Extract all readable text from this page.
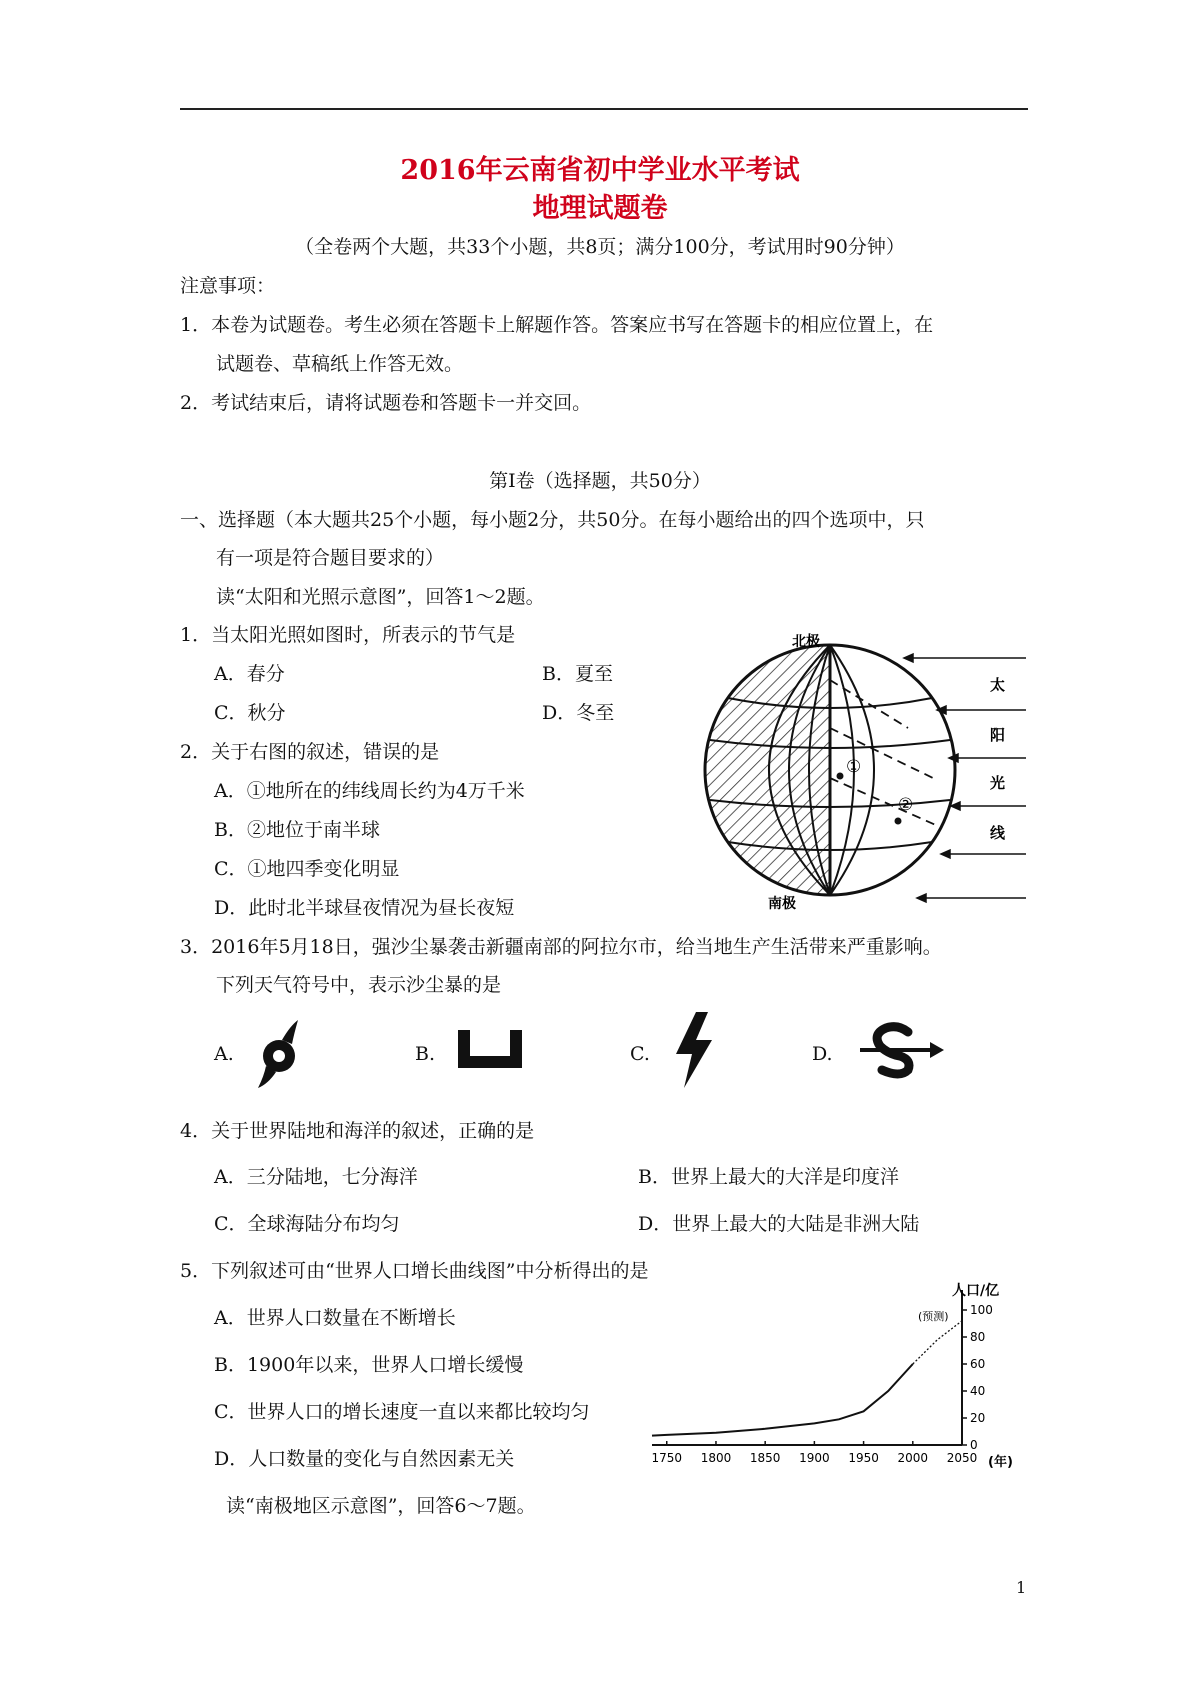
2016年云南省初中学业水平考试
地理试题卷
（全卷两个大题，共33个小题，共8页；满分100分，考试用时90分钟）
注意事项：
1．本卷为试题卷。考生必须在答题卡上解题作答。答案应书写在答题卡的相应位置上，在
试题卷、草稿纸上作答无效。
2．考试结束后，请将试题卷和答题卡一并交回。
第Ⅰ卷（选择题，共50分）
一、选择题（本大题共25个小题，每小题2分，共50分。在每小题给出的四个选项中，只
有一项是符合题目要求的）
读“太阳和光照示意图”，回答1～2题。
1．当太阳光照如图时，所表示的节气是
A．春分	B．夏至
C．秋分	D．冬至
2．关于右图的叙述，错误的是
A．①地所在的纬线周长约为4万千米
B．②地位于南半球
C．①地四季变化明显
D．此时北半球昼夜情况为昼长夜短
①
②
北极
南极
太
阳
光
线
3．2016年5月18日，强沙尘暴袭击新疆南部的阿拉尔市，给当地生产生活带来严重影响。
下列天气符号中，表示沙尘暴的是
A.	B.	C.	D.
4．关于世界陆地和海洋的叙述，正确的是
A．三分陆地，七分海洋	B．世界上最大的大洋是印度洋
C．全球海陆分布均匀	D．世界上最大的大陆是非洲大陆
5．下列叙述可由“世界人口增长曲线图”中分析得出的是
A．世界人口数量在不断增长
B．1900年以来，世界人口增长缓慢
C．世界人口的增长速度一直以来都比较均匀
D．人口数量的变化与自然因素无关
0
20
40
60
80
100
1750 1800 1850 1900 1950 2000 2050
人口/亿
(年)
(预测)
读“南极地区示意图”，回答6～7题。
1
